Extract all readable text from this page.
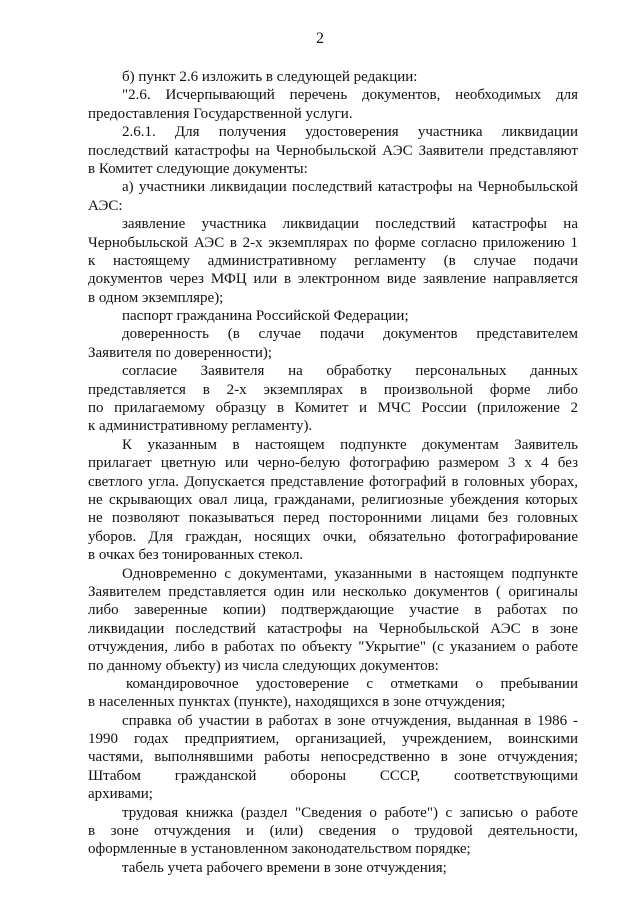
2
б) пункт 2.6 изложить в следующей редакции:
"2.6. Исчерпывающий перечень документов, необходимых для
предоставления Государственной услуги.
2.6.1. Для получения удостоверения участника ликвидации
последствий катастрофы на Чернобыльской АЭС Заявители представляют
в Комитет следующие документы:
а) участники ликвидации последствий катастрофы на Чернобыльской
АЭС:
заявление участника ликвидации последствий катастрофы на
Чернобыльской АЭС в 2-х экземплярах по форме согласно приложению 1
к настоящему административному регламенту (в случае подачи
документов через МФЦ или в электронном виде заявление направляется
в одном экземпляре);
паспорт гражданина Российской Федерации;
доверенность (в случае подачи документов представителем
Заявителя по доверенности);
согласие Заявителя на обработку персональных данных
представляется в 2-х экземплярах в произвольной форме либо
по прилагаемому образцу в Комитет и МЧС России (приложение 2
к административному регламенту).
К указанным в настоящем подпункте документам Заявитель
прилагает цветную или черно-белую фотографию размером 3 х 4 без
светлого угла. Допускается представление фотографий в головных уборах,
не скрывающих овал лица, гражданами, религиозные убеждения которых
не позволяют показываться перед посторонними лицами без головных
уборов. Для граждан, носящих очки, обязательно фотографирование
в очках без тонированных стекол.
Одновременно с документами, указанными в настоящем подпункте
Заявителем представляется один или несколько документов ( оригиналы
либо заверенные копии) подтверждающие участие в работах по
ликвидации последствий катастрофы на Чернобыльской АЭС в зоне
отчуждения, либо в работах по объекту "Укрытие" (с указанием о работе
по данному объекту) из числа следующих документов:
командировочное удостоверение с отметками о пребывании
в населенных пунктах (пункте), находящихся в зоне отчуждения;
справка об участии в работах в зоне отчуждения, выданная в 1986 -
1990 годах предприятием, организацией, учреждением, воинскими
частями, выполнявшими работы непосредственно в зоне отчуждения;
Штабом гражданской обороны СССР, соответствующими
архивами;
трудовая книжка (раздел "Сведения о работе") с записью о работе
в зоне отчуждения и (или) сведения о трудовой деятельности,
оформленные в установленном законодательством порядке;
табель учета рабочего времени в зоне отчуждения;
